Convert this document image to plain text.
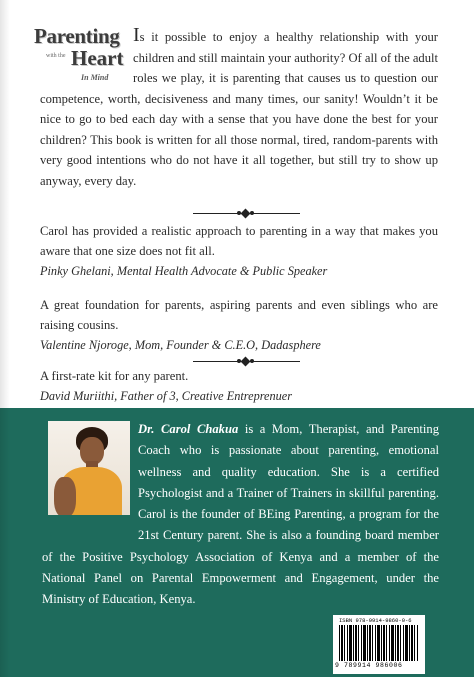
Parenting
with the Heart
In Mind
Is it possible to enjoy a healthy relationship with your children and still maintain your authority? Of all of the adult roles we play, it is parenting that causes us to question our competence, worth, decisiveness and many times, our sanity! Wouldn’t it be nice to go to bed each day with a sense that you have done the best for your children? This book is written for all those normal, tired, random-parents with very good intentions who do not have it all together, but still try to show up anyway, every day.

Carol has provided a realistic approach to parenting in a way that makes you aware that one size does not fit all.

Pinky Ghelani, Mental Health Advocate & Public Speaker

A great foundation for parents, aspiring parents and even siblings who are raising cousins.

Valentine Njoroge, Mom, Founder & C.E.O, Dadasphere

A first-rate kit for any parent.

David Muriithi, Father of 3, Creative Entreprenuer

Dr. Carol Chakua is a Mom, Therapist, and Parenting Coach who is passionate about parenting, emotional wellness and quality education. She is a certified Psychologist and a Trainer of Trainers in skillful parenting. Carol is the founder of BEing Parenting, a program for the 21st Century parent. She is also a founding board member of the Positive Psychology Association of Kenya and a member of the National Panel on Parental Empowerment and Engagement, under the Ministry of Education, Kenya.
ISBN 978-9914-9860-0-6
9 789914 986006
